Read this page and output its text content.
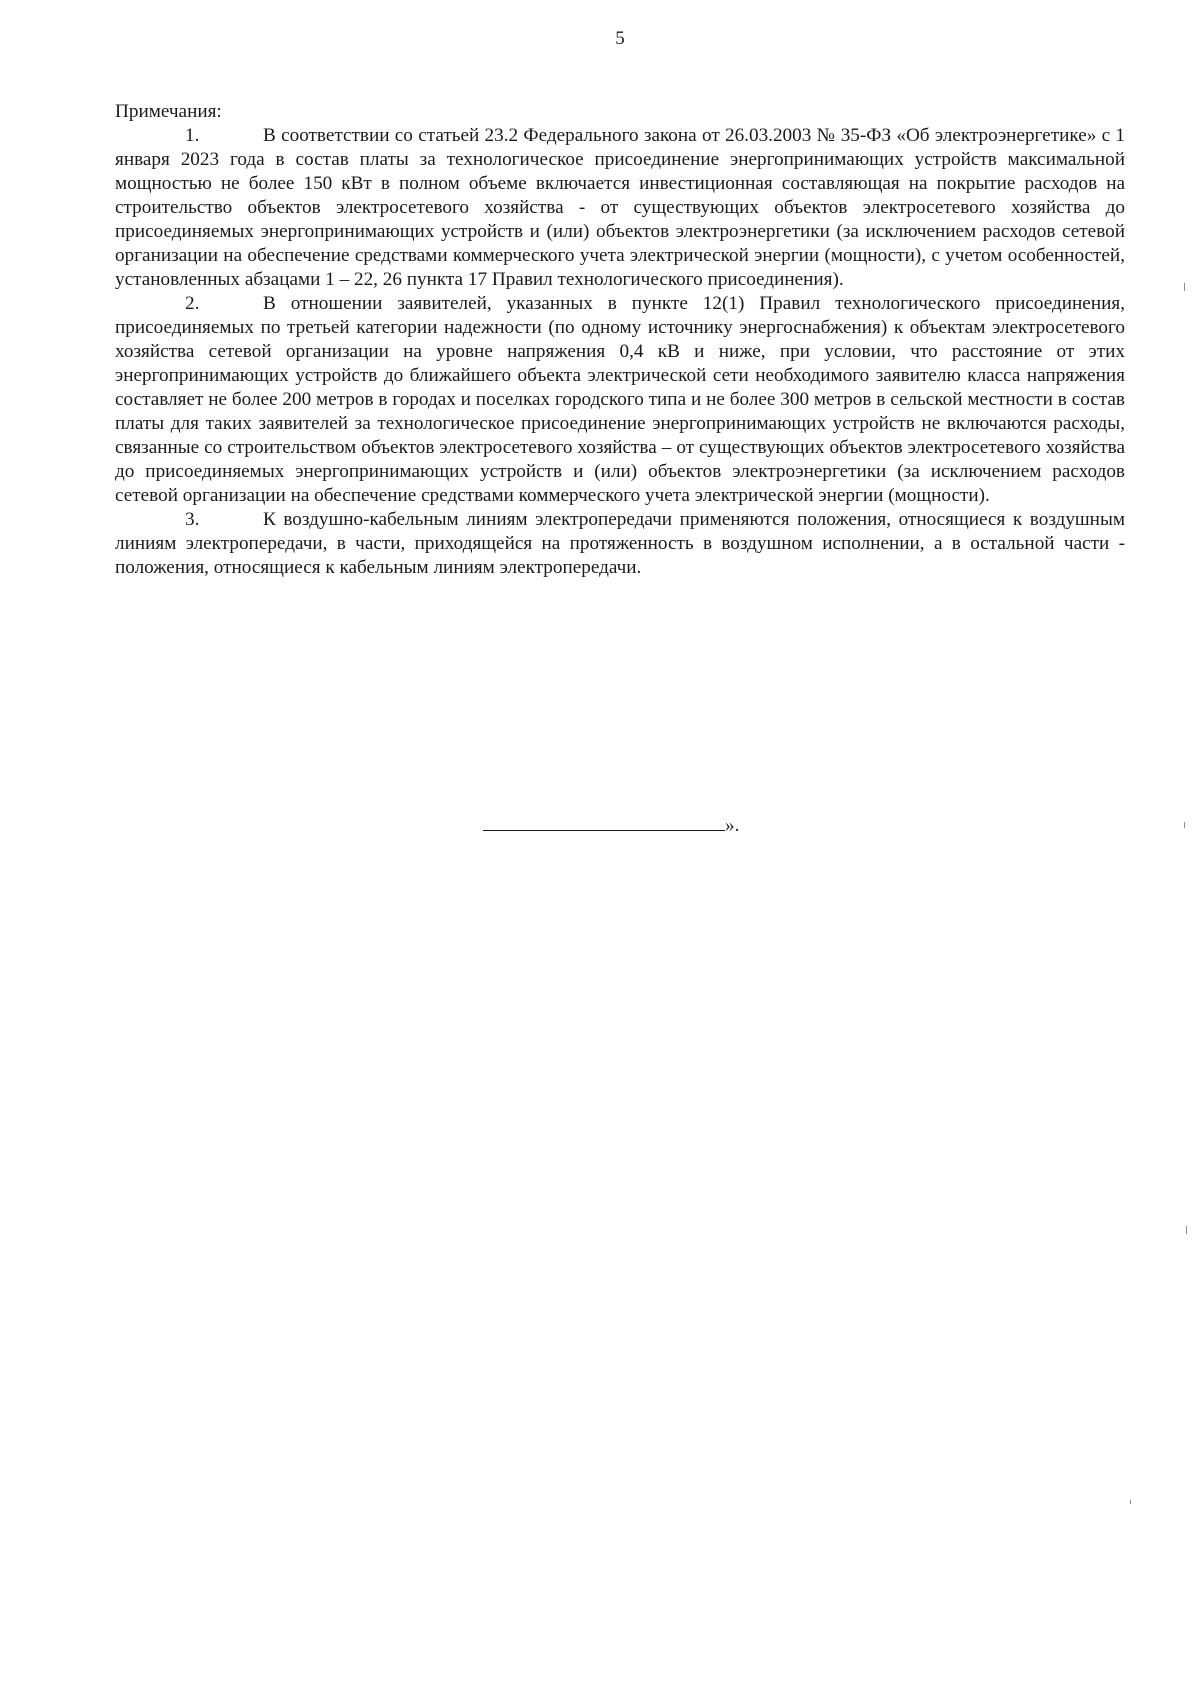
5

Примечания:

1.	В соответствии со статьей 23.2 Федерального закона от 26.03.2003 № 35-ФЗ «Об электроэнергетике» с 1 января 2023 года в состав платы за технологическое присоединение энергопринимающих устройств максимальной мощностью не более 150 кВт в полном объеме включается инвестиционная составляющая на покрытие расходов на строительство объектов электросетевого хозяйства - от существующих объектов электросетевого хозяйства до присоединяемых энергопринимающих устройств и (или) объектов электроэнергетики (за исключением расходов сетевой организации на обеспечение средствами коммерческого учета электрической энергии (мощности), с учетом особенностей, установленных абзацами 1 – 22, 26 пункта 17 Правил технологического присоединения).

2.	В отношении заявителей, указанных в пункте 12(1) Правил технологического присоединения, присоединяемых по третьей категории надежности (по одному источнику энергоснабжения) к объектам электросетевого хозяйства сетевой организации на уровне напряжения 0,4 кВ и ниже, при условии, что расстояние от этих энергопринимающих устройств до ближайшего объекта электрической сети необходимого заявителю класса напряжения составляет не более 200 метров в городах и поселках городского типа и не более 300 метров в сельской местности в состав платы для таких заявителей за технологическое присоединение энергопринимающих устройств не включаются расходы, связанные со строительством объектов электросетевого хозяйства – от существующих объектов электросетевого хозяйства до присоединяемых энергопринимающих устройств и (или) объектов электроэнергетики (за исключением расходов сетевой организации на обеспечение средствами коммерческого учета электрической энергии (мощности).

3.	К воздушно-кабельным линиям электропередачи применяются положения, относящиеся к воздушным линиям электропередачи, в части, приходящейся на протяженность в воздушном исполнении, а в остальной части - положения, относящиеся к кабельным линиям электропередачи.

».
